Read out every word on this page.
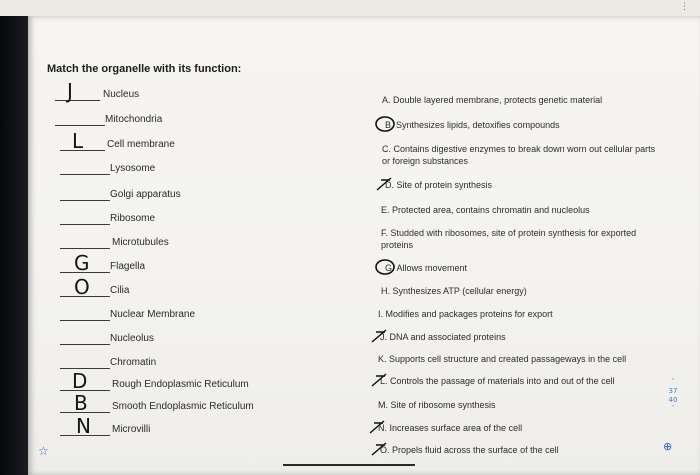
⋮
Match the organelle with its function:
J	Nucleus
Mitochondria
L Cell membrane
Lysosome
Golgi apparatus
Ribosome
Microtubules
G Flagella
O Cilia
Nuclear Membrane
Nucleolus
Chromatin
D Rough Endoplasmic Reticulum
B Smooth Endoplasmic Reticulum
N Microvilli
A. Double layered membrane, protects genetic material
B. Synthesizes lipids, detoxifies compounds
C. Contains digestive enzymes to break down worn out cellular parts or foreign substances
D. Site of protein synthesis
E. Protected area, contains chromatin and nucleolus
F. Studded with ribosomes, site of protein synthesis for exported proteins
G. Allows movement
H. Synthesizes ATP (cellular energy)
I. Modifies and packages proteins for export
J. DNA and associated proteins
K. Supports cell structure and created passageways in the cell
L. Controls the passage of materials into and out of the cell
M. Site of ribosome synthesis
N. Increases surface area of the cell
O. Propels fluid across the surface of the cell
☆	⊕
ˆ
37
40
ˇ
